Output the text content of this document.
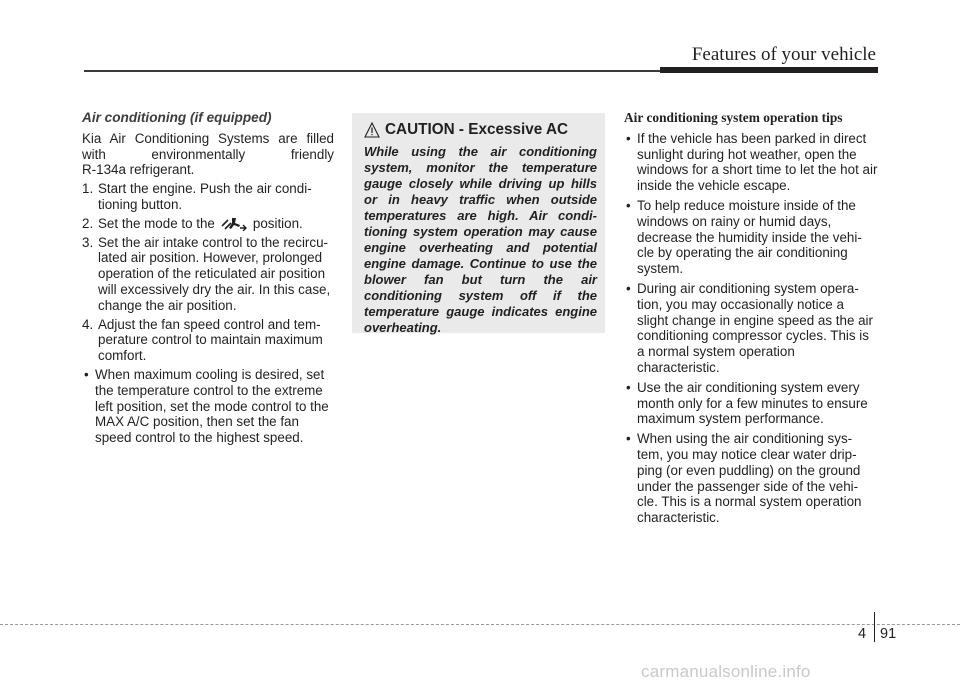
Features of your vehicle
Air conditioning (if equipped)
Kia Air Conditioning Systems are filled
with environmentally friendly
R-134a refrigerant.
1. Start the engine. Push the air condi-tioning button.
2. Set the mode to the	position.
3. Set the air intake control to the recircu-lated air position. However, prolonged operation of the reticulated air position will excessively dry the air. In this case, change the air position.
4. Adjust the fan speed control and tem-perature control to maintain maximum comfort.
• When maximum cooling is desired, set the temperature control to the extreme left position, set the mode control to the MAX A/C position, then set the fan speed control to the highest speed.
CAUTION - Excessive AC
While using the air conditioning system, monitor the temperature gauge closely while driving up hills or in heavy traffic when outside temperatures are high. Air condi-tioning system operation may cause engine overheating and potential engine damage. Continue to use the blower fan but turn the air conditioning system off if the temperature gauge indicates engine overheating.
Air conditioning system operation tips
• If the vehicle has been parked in direct sunlight during hot weather, open the windows for a short time to let the hot air inside the vehicle escape.
• To help reduce moisture inside of the windows on rainy or humid days, decrease the humidity inside the vehi-cle by operating the air conditioning system.
• During air conditioning system opera-tion, you may occasionally notice a slight change in engine speed as the air conditioning compressor cycles. This is a normal system operation characteristic.
• Use the air conditioning system every month only for a few minutes to ensure maximum system performance.
• When using the air conditioning sys-tem, you may notice clear water drip-ping (or even puddling) on the ground under the passenger side of the vehi-cle. This is a normal system operation characteristic.
4 91
carmanualsonline.info
